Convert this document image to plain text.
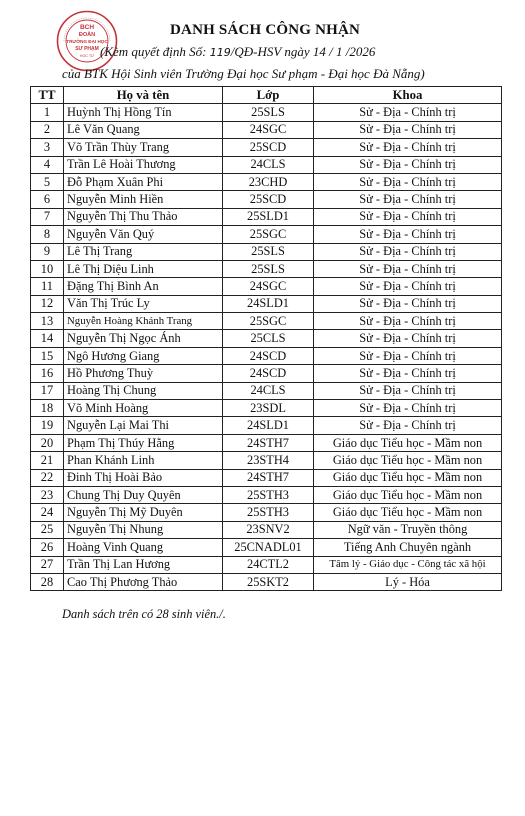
BCH
ĐOÀN
TRƯỜNG ĐẠI HỌC
SƯ PHẠM
HỌC TỪ
DANH SÁCH CÔNG NHẬN
(Kèm quyết định Số: 119/QĐ-HSV ngày 14 / 1 /2026
của BTK Hội Sinh viên Trường Đại học Sư phạm - Đại học Đà Nẵng)
TT	Họ và tên	Lớp	Khoa
1	Huỳnh Thị Hồng Tín	25SLS	Sử - Địa - Chính trị
2	Lê Văn Quang	24SGC	Sử - Địa - Chính trị
3	Võ Trần Thùy Trang	25SCD	Sử - Địa - Chính trị
4	Trần Lê Hoài Thương	24CLS	Sử - Địa - Chính trị
5	Đỗ Phạm Xuân Phi	23CHD	Sử - Địa - Chính trị
6	Nguyễn Minh Hiền	25SCD	Sử - Địa - Chính trị
7	Nguyễn Thị Thu Thảo	25SLD1	Sử - Địa - Chính trị
8	Nguyễn Văn Quý	25SGC	Sử - Địa - Chính trị
9	Lê Thị Trang	25SLS	Sử - Địa - Chính trị
10	Lê Thị Diệu Linh	25SLS	Sử - Địa - Chính trị
11	Đặng Thị Bình An	24SGC	Sử - Địa - Chính trị
12	Văn Thị Trúc Ly	24SLD1	Sử - Địa - Chính trị
13	Nguyễn Hoàng Khánh Trang	25SGC	Sử - Địa - Chính trị
14	Nguyễn Thị Ngọc Ánh	25CLS	Sử - Địa - Chính trị
15	Ngô Hương Giang	24SCD	Sử - Địa - Chính trị
16	Hồ Phương Thuỳ	24SCD	Sử - Địa - Chính trị
17	Hoàng Thị Chung	24CLS	Sử - Địa - Chính trị
18	Võ Minh Hoàng	23SDL	Sử - Địa - Chính trị
19	Nguyễn Lại Mai Thi	24SLD1	Sử - Địa - Chính trị
20	Phạm Thị Thúy Hằng	24STH7	Giáo dục Tiểu học - Mầm non
21	Phan Khánh Linh	23STH4	Giáo dục Tiểu học - Mầm non
22	Đinh Thị Hoài Bảo	24STH7	Giáo dục Tiểu học - Mầm non
23	Chung Thị Duy Quyên	25STH3	Giáo dục Tiểu học - Mầm non
24	Nguyễn Thị Mỹ Duyên	25STH3	Giáo dục Tiểu học - Mầm non
25	Nguyễn Thị Nhung	23SNV2	Ngữ văn - Truyền thông
26	Hoàng Vinh Quang	25CNADL01	Tiếng Anh Chuyên ngành
27	Trần Thị Lan Hương	24CTL2	Tâm lý - Giáo dục - Công tác xã hội
28	Cao Thị Phương Thảo	25SKT2	Lý - Hóa
Danh sách trên có 28 sinh viên./.
